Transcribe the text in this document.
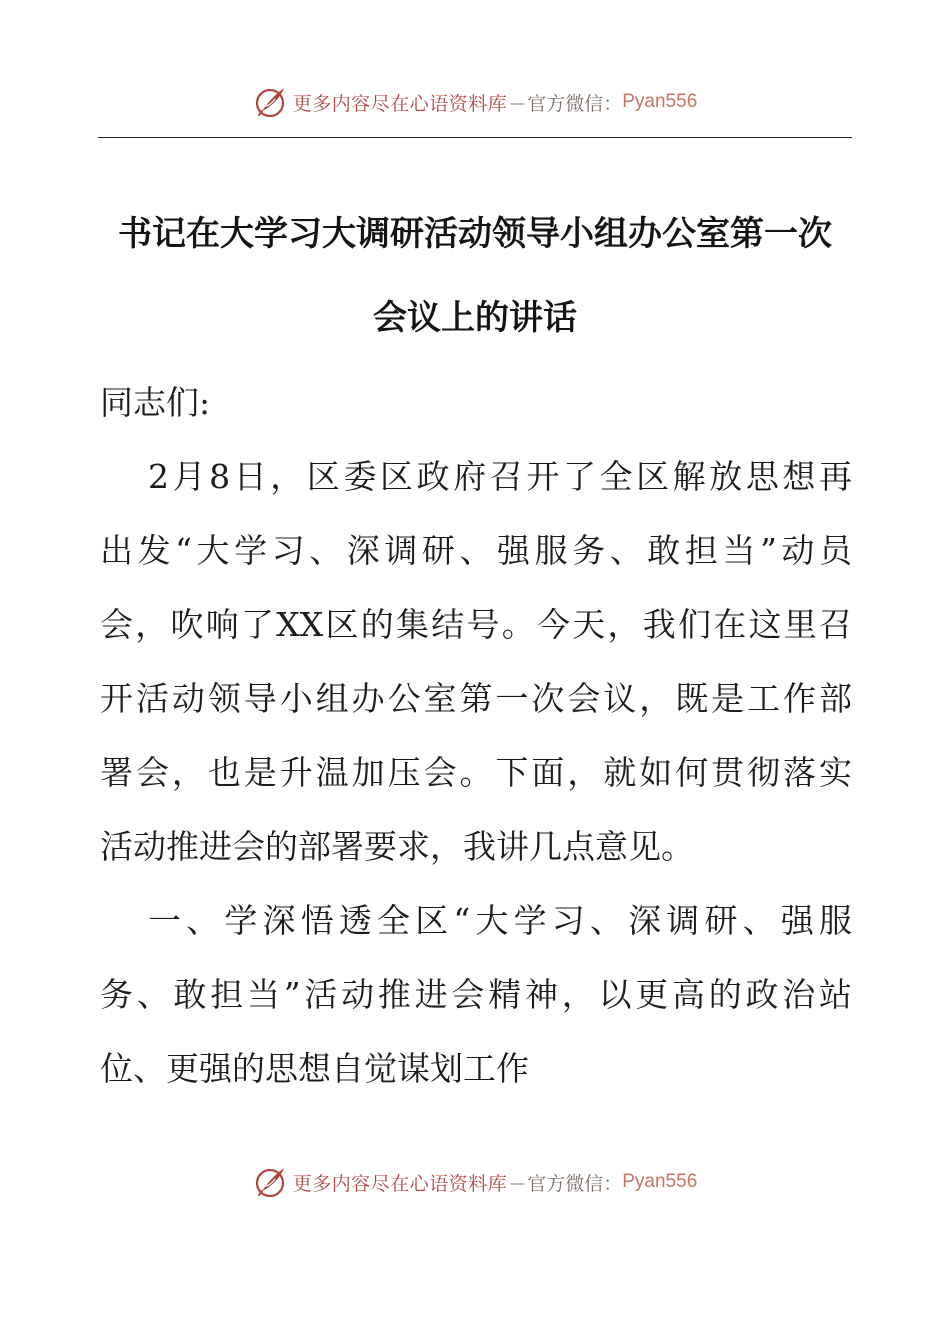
更多内容尽在心语资料库 — 官方微信： Pyan556
书记在大学习大调研活动领导小组办公室第一次
会议上的讲话
同志们:
2月8日，区委区政府召开了全区解放思想再
出发“大学习、深调研、强服务、敢担当”动员
会，吹响了XX区的集结号。今天，我们在这里召
开活动领导小组办公室第一次会议，既是工作部
署会，也是升温加压会。下面，就如何贯彻落实
活动推进会的部署要求，我讲几点意见。
一、学深悟透全区“大学习、深调研、强服
务、敢担当”活动推进会精神，以更高的政治站
位、更强的思想自觉谋划工作
更多内容尽在心语资料库 — 官方微信： Pyan556
